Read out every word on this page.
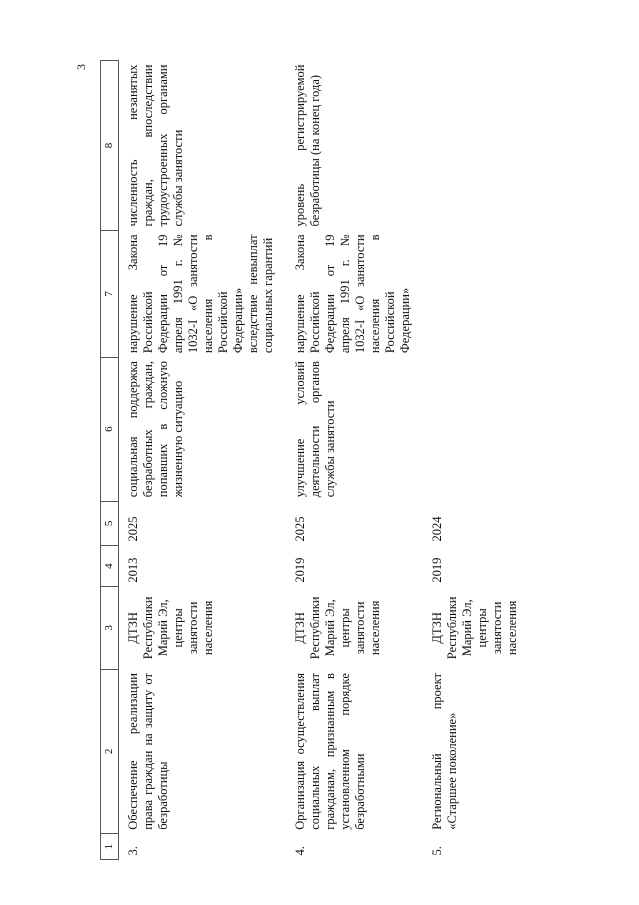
3
1	2	3	4	5	6	7	8
3.	Обеспечение реализации права граждан на защиту от безработицы	ДТЗН Республики Марий Эл, центры занятости населения	2013	2025	социальная поддержка безработных граждан, попавших в сложную жизненную ситуацию	нарушение Закона Российской Федерации от 19 апреля 1991 г. № 1032-I «О занятости населения в Российской Федерации» вследствие невыплат социальных гарантий	численность незанятых граждан, впоследствии трудоустроенных органами службы занятости
4.	Организация осуществления социальных выплат гражданам, признанным в установленном порядке безработными	ДТЗН Республики Марий Эл, центры занятости населения	2019	2025	улучшение условий деятельности органов службы занятости	нарушение Закона Российской Федерации от 19 апреля 1991 г. № 1032-I «О занятости населения в Российской Федерации»	уровень регистрируемой безработицы (на конец года)
5.	Региональный проект «Старшее поколение»	ДТЗН Республики Марий Эл, центры занятости населения	2019	2024			
